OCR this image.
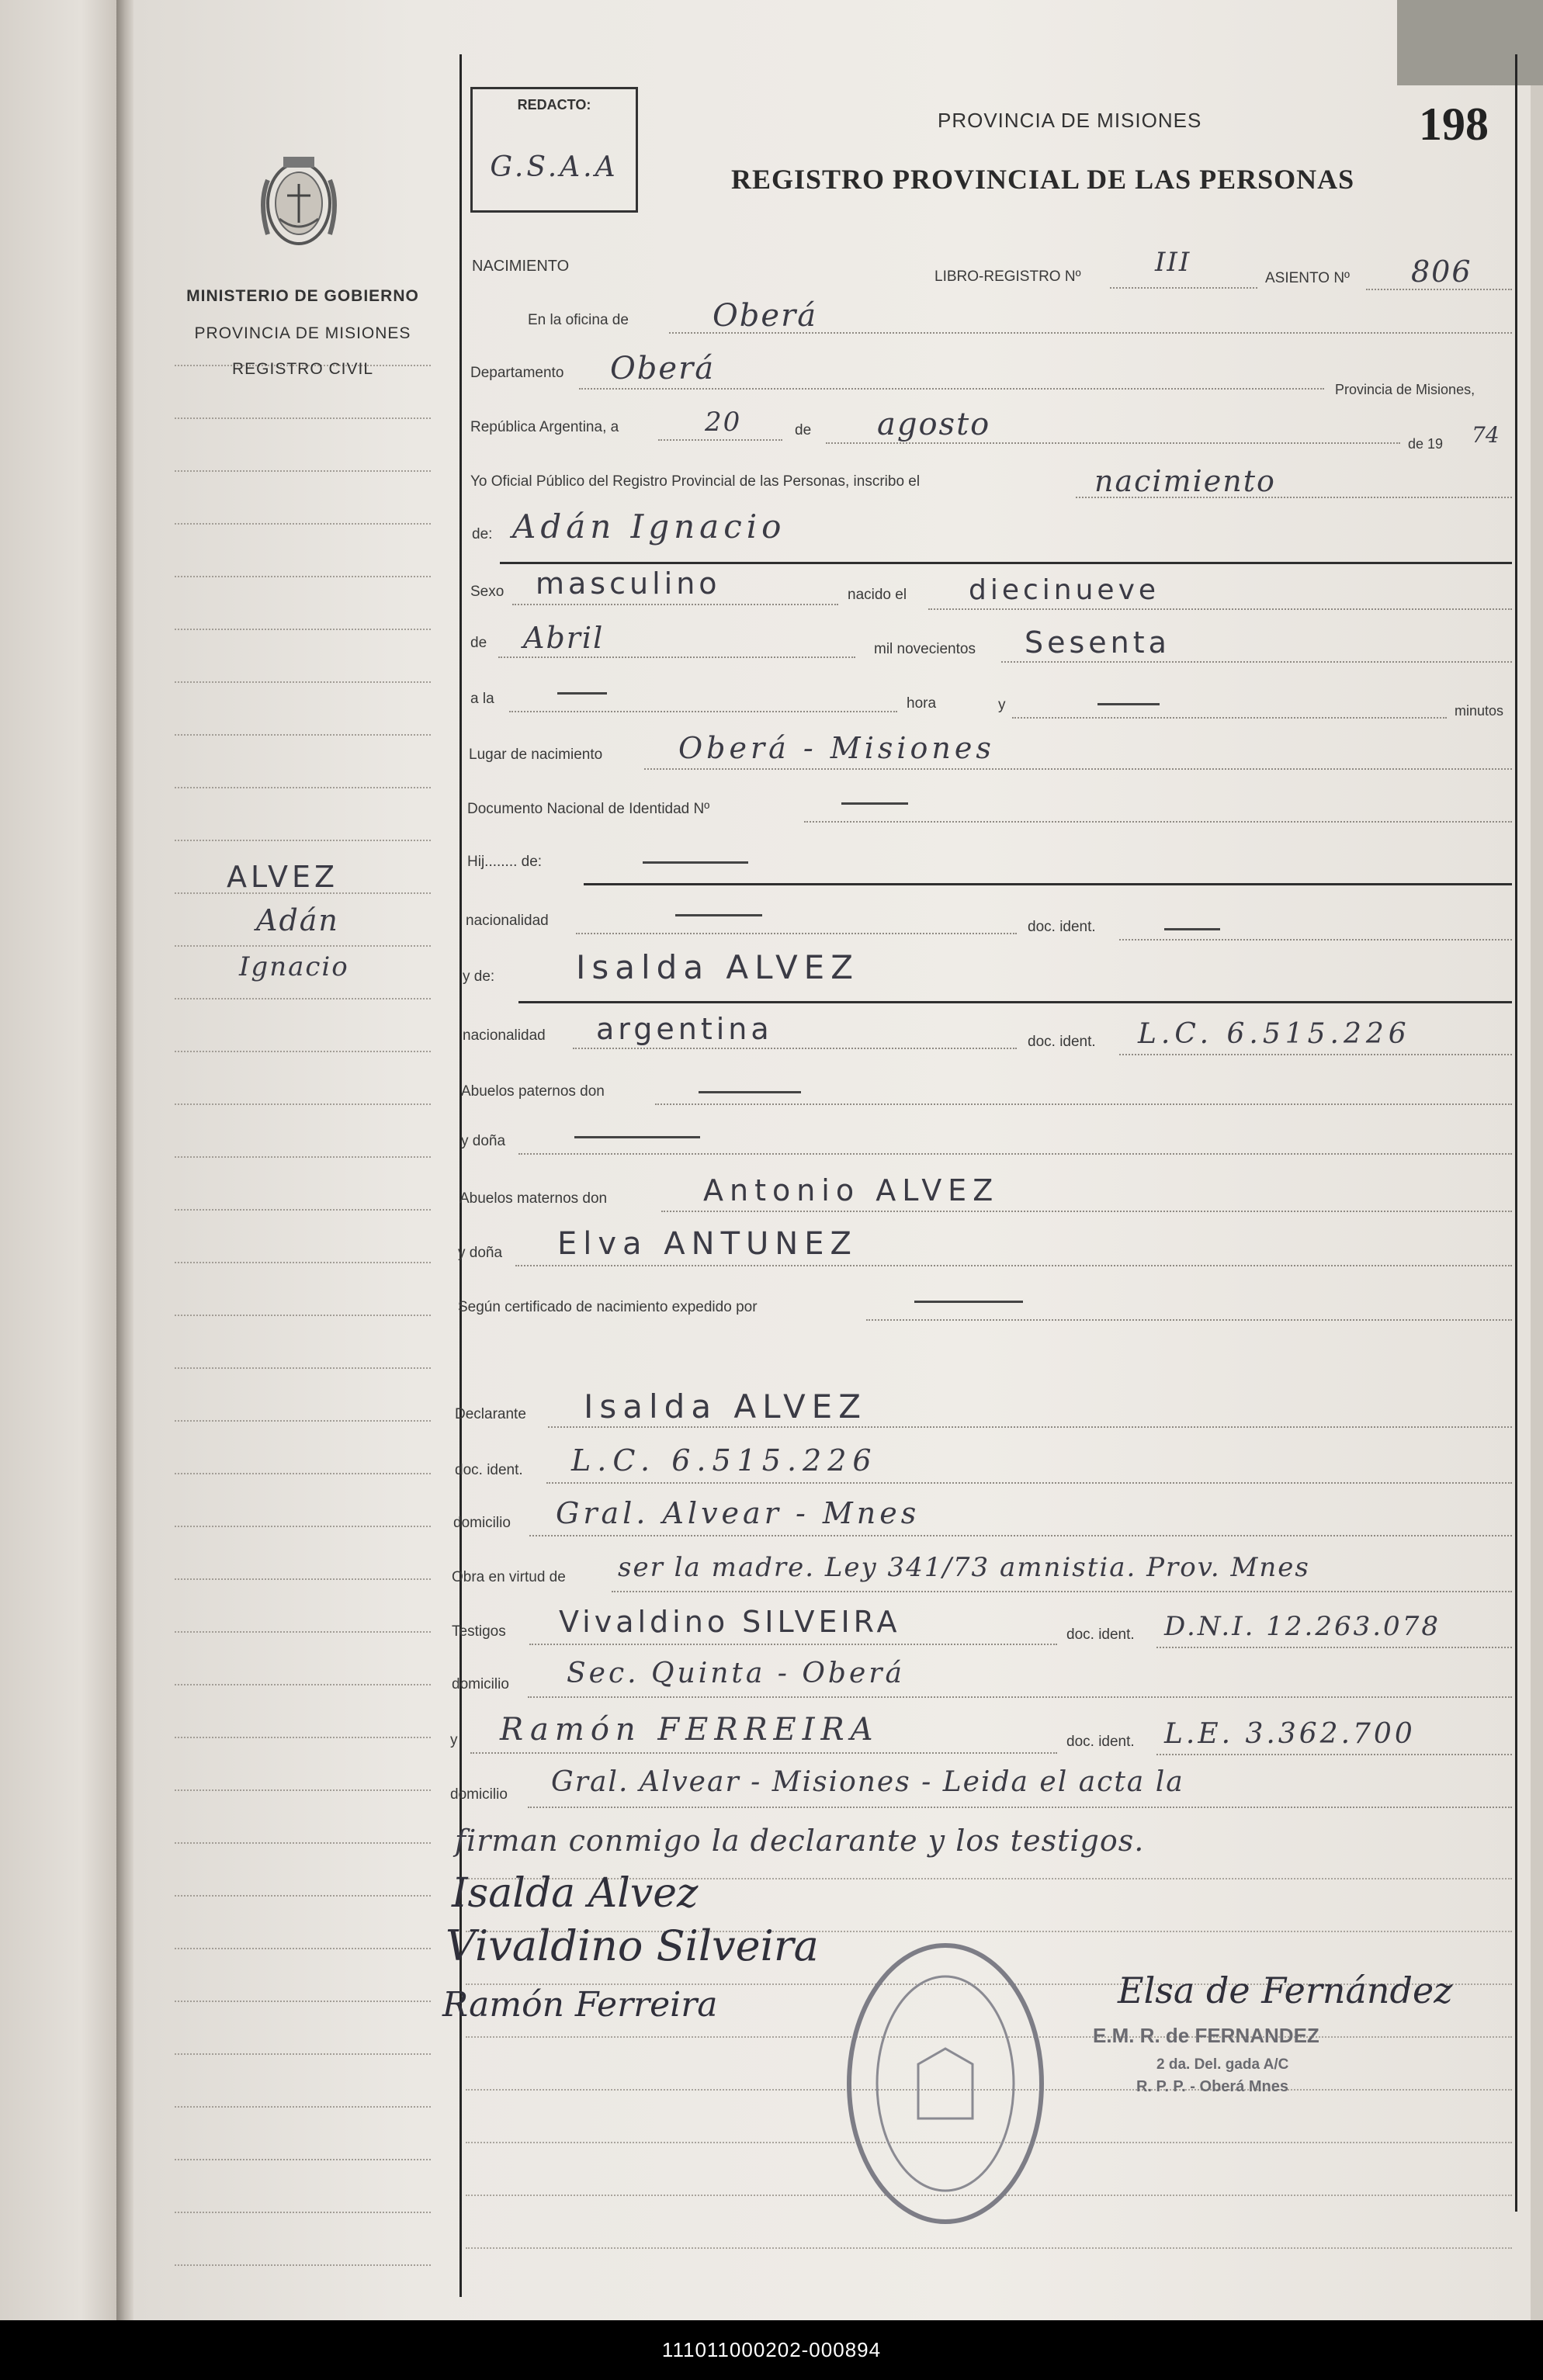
REDACTO:
G.S.A.A
PROVINCIA DE MISIONES	198
REGISTRO PROVINCIAL DE LAS PERSONAS
MINISTERIO DE GOBIERNO
PROVINCIA DE MISIONES
REGISTRO CIVIL
ALVEZ
Adán
Ignacio
NACIMIENTO
LIBRO-REGISTRO Nº	III
ASIENTO Nº 806
En la oficina de	Oberá
Departamento Oberá
Provincia de Misiones,
República Argentina, a	20	de agosto
de 19 74
Yo Oficial Público del Registro Provincial de las Personas, inscribo el	nacimiento
de: Adán Ignacio
Sexo masculino	nacido el diecinueve
de Abril	mil novecientos Sesenta
a la	hora	y	minutos
Lugar de nacimiento	Oberá - Misiones
Documento Nacional de Identidad Nº
Hij........ de:
nacionalidad	doc. ident.
y de: Isalda ALVEZ
nacionalidad argentina	doc. ident. L.C. 6.515.226
Abuelos paternos don
y doña
Abuelos maternos don	Antonio ALVEZ
y doña Elva ANTUNEZ
Según certificado de nacimiento expedido por
Declarante Isalda ALVEZ
doc. ident. L.C. 6.515.226
domicilio Gral. Alvear - Mnes
Obra en virtud de ser la madre. Ley 341/73 amnistia. Prov. Mnes
Testigos Vivaldino SILVEIRA	doc. ident. D.N.I. 12.263.078
domicilio Sec. Quinta - Oberá
y Ramón FERREIRA	doc. ident. L.E. 3.362.700
domicilio Gral. Alvear - Misiones - Leida el acta la
firman conmigo la declarante y los testigos.
Isalda Alvez
Vivaldino Silveira
Ramón Ferreira	Elsa de Fernández
E.M. R. de FERNANDEZ
2 da. Del. gada A/C
R. P. P. - Oberá Mnes
111011000202-000894
